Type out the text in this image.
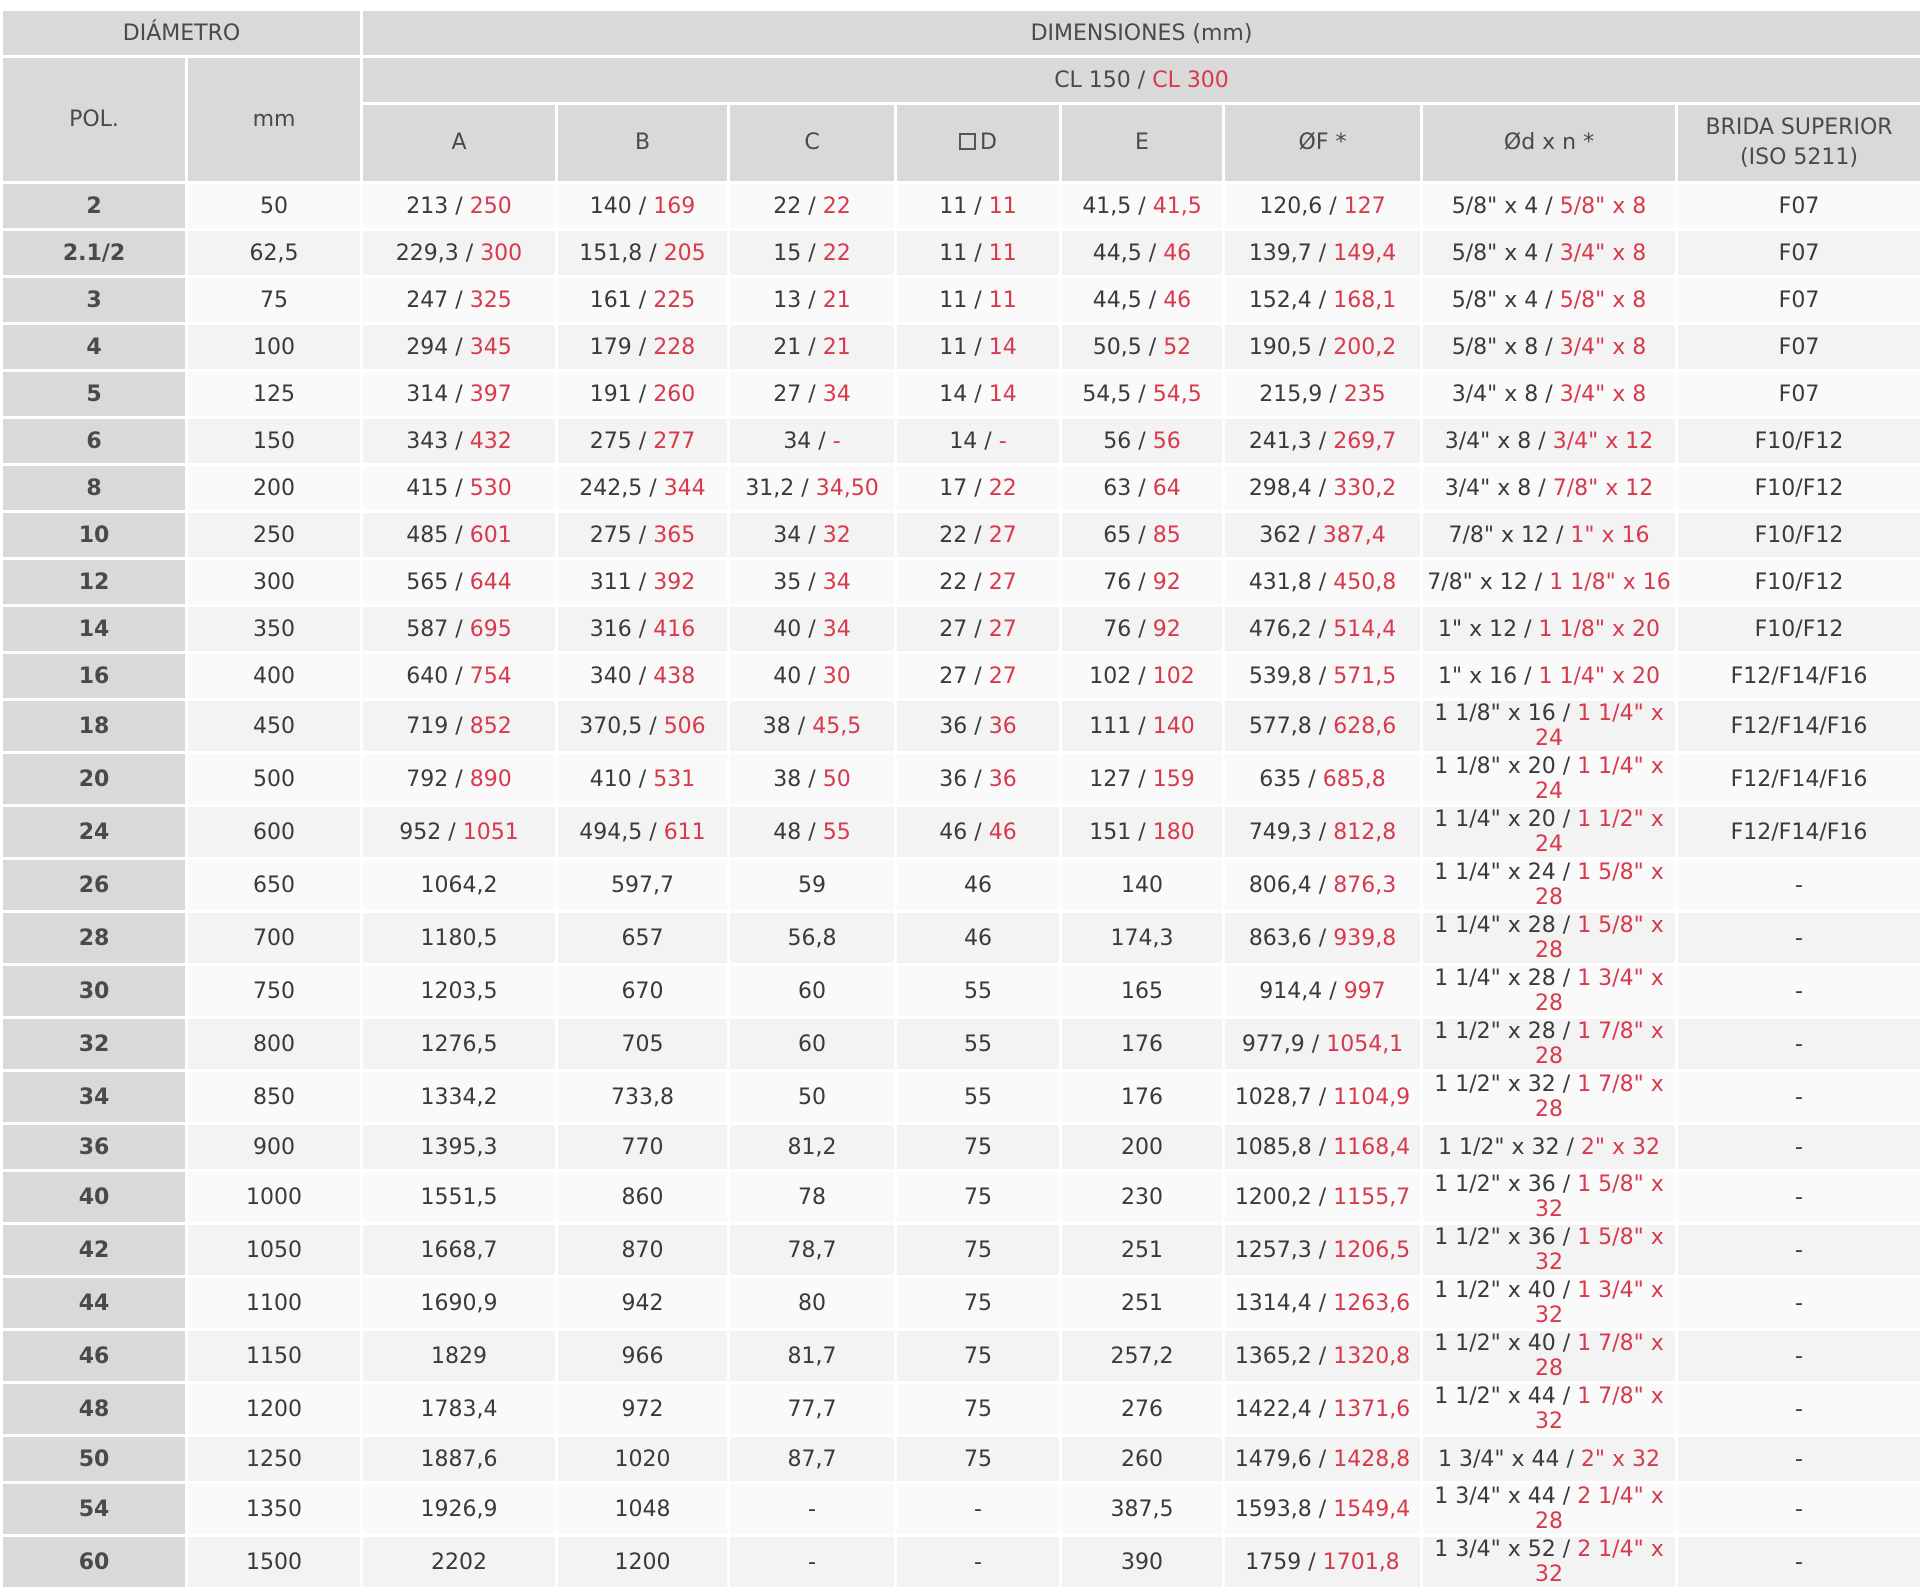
DIÁMETRO		DIMENSIONES (mm)							
POL.	mm	CL 150 / CL 300							
		A	B	C	D	E	ØF *	Ød x n *	BRIDA SUPERIOR
(ISO 5211)
2	50	213 / 250	140 / 169	22 / 22	11 / 11	41,5 / 41,5	120,6 / 127	5/8" x 4 / 5/8" x 8	F07
2.1/2	62,5	229,3 / 300	151,8 / 205	15 / 22	11 / 11	44,5 / 46	139,7 / 149,4	5/8" x 4 / 3/4" x 8	F07
3	75	247 / 325	161 / 225	13 / 21	11 / 11	44,5 / 46	152,4 / 168,1	5/8" x 4 / 5/8" x 8	F07
4	100	294 / 345	179 / 228	21 / 21	11 / 14	50,5 / 52	190,5 / 200,2	5/8" x 8 / 3/4" x 8	F07
5	125	314 / 397	191 / 260	27 / 34	14 / 14	54,5 / 54,5	215,9 / 235	3/4" x 8 / 3/4" x 8	F07
6	150	343 / 432	275 / 277	34 / -	14 / -	56 / 56	241,3 / 269,7	3/4" x 8 / 3/4" x 12	F10/F12
8	200	415 / 530	242,5 / 344	31,2 / 34,50	17 / 22	63 / 64	298,4 / 330,2	3/4" x 8 / 7/8" x 12	F10/F12
10	250	485 / 601	275 / 365	34 / 32	22 / 27	65 / 85	362 / 387,4	7/8" x 12 / 1" x 16	F10/F12
12	300	565 / 644	311 / 392	35 / 34	22 / 27	76 / 92	431,8 / 450,8	7/8" x 12 / 1 1/8" x 16	F10/F12
14	350	587 / 695	316 / 416	40 / 34	27 / 27	76 / 92	476,2 / 514,4	1" x 12 / 1 1/8" x 20	F10/F12
16	400	640 / 754	340 / 438	40 / 30	27 / 27	102 / 102	539,8 / 571,5	1" x 16 / 1 1/4" x 20	F12/F14/F16
18	450	719 / 852	370,5 / 506	38 / 45,5	36 / 36	111 / 140	577,8 / 628,6	1 1/8" x 16 / 1 1/4" x 24	F12/F14/F16
20	500	792 / 890	410 / 531	38 / 50	36 / 36	127 / 159	635 / 685,8	1 1/8" x 20 / 1 1/4" x 24	F12/F14/F16
24	600	952 / 1051	494,5 / 611	48 / 55	46 / 46	151 / 180	749,3 / 812,8	1 1/4" x 20 / 1 1/2" x 24	F12/F14/F16
26	650	1064,2	597,7	59	46	140	806,4 / 876,3	1 1/4" x 24 / 1 5/8" x 28	-
28	700	1180,5	657	56,8	46	174,3	863,6 / 939,8	1 1/4" x 28 / 1 5/8" x 28	-
30	750	1203,5	670	60	55	165	914,4 / 997	1 1/4" x 28 / 1 3/4" x 28	-
32	800	1276,5	705	60	55	176	977,9 / 1054,1	1 1/2" x 28 / 1 7/8" x 28	-
34	850	1334,2	733,8	50	55	176	1028,7 / 1104,9	1 1/2" x 32 / 1 7/8" x 28	-
36	900	1395,3	770	81,2	75	200	1085,8 / 1168,4	1 1/2" x 32 / 2" x 32	-
40	1000	1551,5	860	78	75	230	1200,2 / 1155,7	1 1/2" x 36 / 1 5/8" x 32	-
42	1050	1668,7	870	78,7	75	251	1257,3 / 1206,5	1 1/2" x 36 / 1 5/8" x 32	-
44	1100	1690,9	942	80	75	251	1314,4 / 1263,6	1 1/2" x 40 / 1 3/4" x 32	-
46	1150	1829	966	81,7	75	257,2	1365,2 / 1320,8	1 1/2" x 40 / 1 7/8" x 28	-
48	1200	1783,4	972	77,7	75	276	1422,4 / 1371,6	1 1/2" x 44 / 1 7/8" x 32	-
50	1250	1887,6	1020	87,7	75	260	1479,6 / 1428,8	1 3/4" x 44 / 2" x 32	-
54	1350	1926,9	1048	-	-	387,5	1593,8 / 1549,4	1 3/4" x 44 / 2 1/4" x 28	-
60	1500	2202	1200	-	-	390	1759 / 1701,8	1 3/4" x 52 / 2 1/4" x 32	-
